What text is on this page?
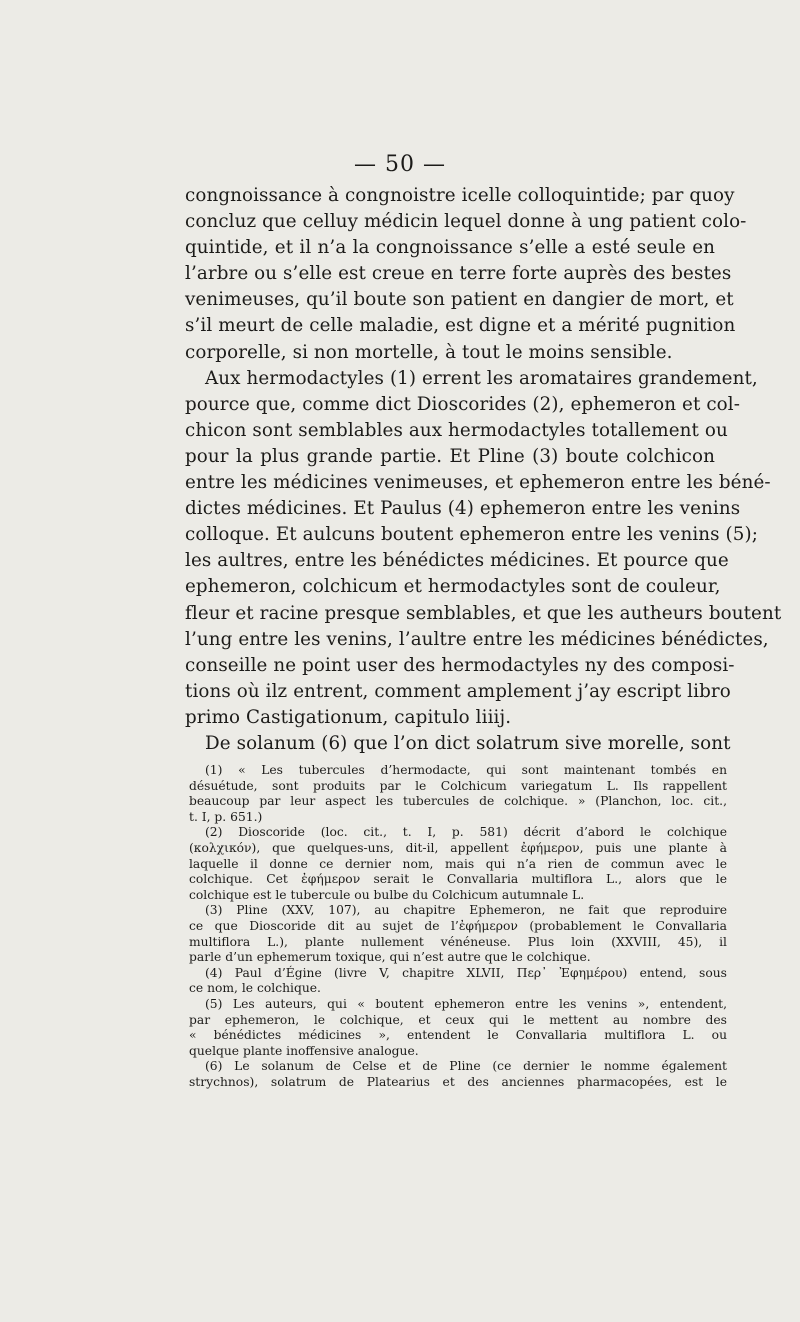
— 50 —
congnoissance à congnoistre icelle colloquintide; par quoy
concluz que celluy médicin lequel donne à ung patient colo-
quintide, et il n’a la congnoissance s’elle a esté seule en
l’arbre ou s’elle est creue en terre forte auprès des bestes
venimeuses, qu’il boute son patient en dangier de mort, et
s’il meurt de celle maladie, est digne et a mérité pugnition
corporelle, si non mortelle, à tout le moins sensible.
Aux hermodactyles (1) errent les aromataires grandement,
pource que, comme dict Dioscorides (2), ephemeron et col-
chicon sont semblables aux hermodactyles totallement ou
pour la plus grande partie. Et Pline (3) boute colchicon
entre les médicines venimeuses, et ephemeron entre les béné-
dictes médicines. Et Paulus (4) ephemeron entre les venins
colloque. Et aulcuns boutent ephemeron entre les venins (5);
les aultres, entre les bénédictes médicines. Et pource que
ephemeron, colchicum et hermodactyles sont de couleur,
fleur et racine presque semblables, et que les autheurs boutent
l’ung entre les venins, l’aultre entre les médicines bénédictes,
conseille ne point user des hermodactyles ny des composi-
tions où ilz entrent, comment amplement j’ay escript libro
primo Castigationum, capitulo liiij.
De solanum (6) que l’on dict solatrum sive morelle, sont
(1) « Les tubercules d’hermodacte, qui sont maintenant tombés en
désuétude, sont produits par le Colchicum variegatum L. Ils rappellent
beaucoup par leur aspect les tubercules de colchique. » (Planchon, loc. cit.,
t. I, p. 651.)
(2) Dioscoride (loc. cit., t. I, p. 581) décrit d’abord le colchique
(κολχικόν), que quelques-uns, dit-il, appellent ἐφήμερον, puis une plante à
laquelle il donne ce dernier nom, mais qui n’a rien de commun avec le
colchique. Cet ἐφήμερον serait le Convallaria multiflora L., alors que le
colchique est le tubercule ou bulbe du Colchicum autumnale L.
(3) Pline (XXV, 107), au chapitre Ephemeron, ne fait que reproduire
ce que Dioscoride dit au sujet de l’ἐφήμερον (probablement le Convallaria
multiflora L.), plante nullement vénéneuse. Plus loin (XXVIII, 45), il
parle d’un ephemerum toxique, qui n’est autre que le colchique.
(4) Paul d’Égine (livre V, chapitre XLVII, Περ᾽ Ἐφημέρου) entend, sous
ce nom, le colchique.
(5) Les auteurs, qui « boutent ephemeron entre les venins », entendent,
par ephemeron, le colchique, et ceux qui le mettent au nombre des
« bénédictes médicines », entendent le Convallaria multiflora L. ou
quelque plante inoffensive analogue.
(6) Le solanum de Celse et de Pline (ce dernier le nomme également
strychnos), solatrum de Platearius et des anciennes pharmacopées, est le
